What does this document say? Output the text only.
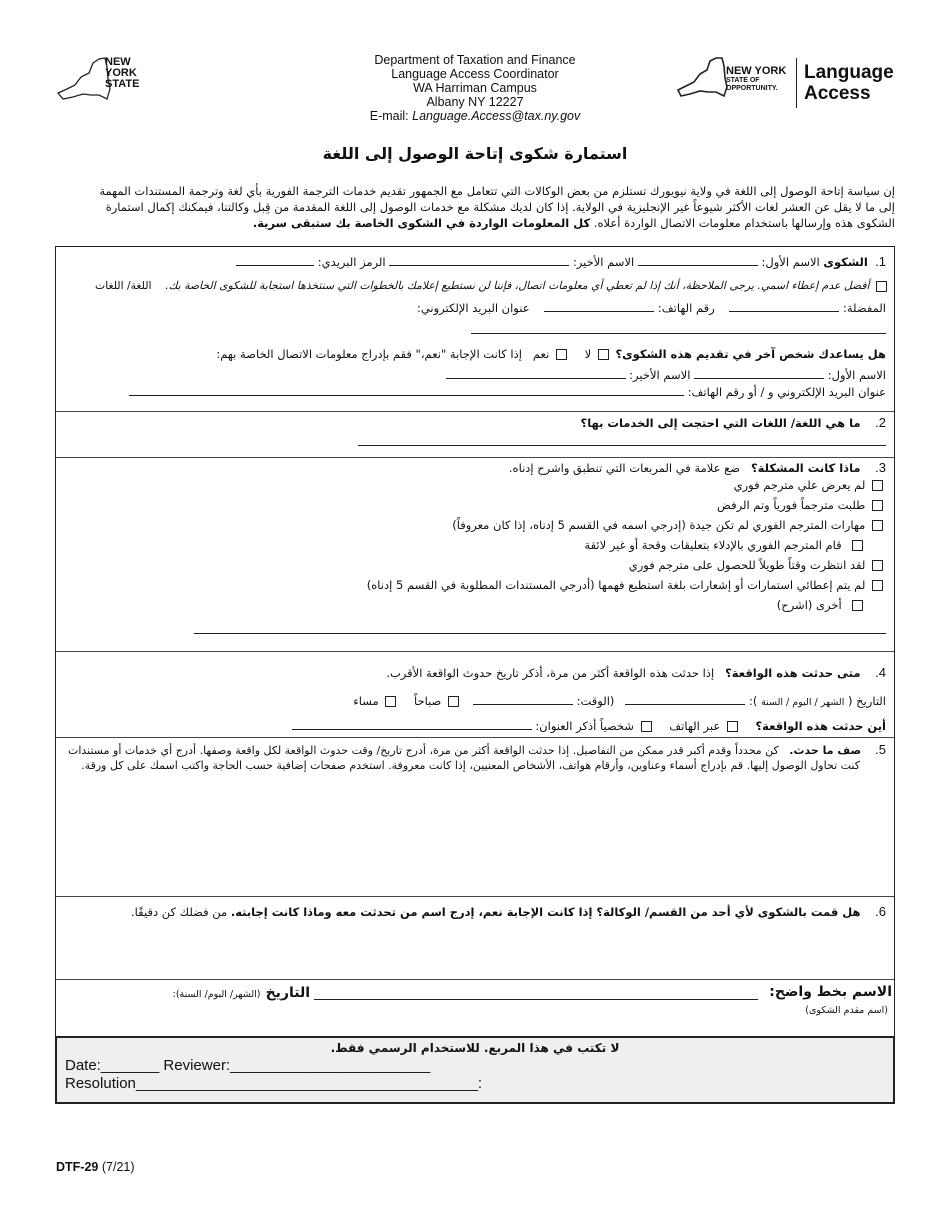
NEW
YORK
STATE
Department of Taxation and Finance
Language Access Coordinator
WA Harriman Campus
Albany NY 12227
E-mail: Language.Access@tax.ny.gov
NEW YORK
STATE OF
OPPORTUNITY.
Language
Access
استمارة شكوى إتاحة الوصول إلى اللغة
إن سياسة إتاحة الوصول إلى اللغة في ولاية نيويورك تستلزم من بعض الوكالات التي تتعامل مع الجمهور تقديم خدمات الترجمة الفورية بأي لغة وترجمة المستندات المهمة
إلى ما لا يقل عن العشر لغات الأكثر شيوعاً غير الإنجليزية في الولاية. إذا كان لديك مشكلة مع خدمات الوصول إلى اللغة المقدمة من قِبل وكالتنا، فيمكنك إكمال استمارة
الشكوى هذه وإرسالها باستخدام معلومات الاتصال الواردة أعلاه. كل المعلومات الواردة في الشكوى الخاصة بك ستبقى سرية.
1.  الشكوى الاسم الأول:  الاسم الأخير:  الرمز البريدي:
أفضل عدم إعطاء اسمي. يرجى الملاحظة، أنك إذا لم تعطي أي معلومات اتصال، فإننا لن نستطيع إعلامك بالخطوات التي سنتخذها استجابة للشكوى الخاصة بك.    اللغة/ اللغات
المفضلة:     رقم الهاتف:     عنوان البريد الإلكتروني:
هل يساعدك شخص آخر في تقديم هذه الشكوى؟  لا     نعم   إذا كانت الإجابة "نعم،" فقم بإدراج معلومات الاتصال الخاصة بهم:
الاسم الأول:  الاسم الأخير:
عنوان البريد الإلكتروني و / أو رقم الهاتف:
2.    ما هي اللغة/ اللغات التي احتجت إلى الخدمات بها؟
3.    ماذا كانت المشكلة؟   ضع علامة في المربعات التي تنطبق واشرح إدناه.
لم يعرض علي مترجم فوري
طلبت مترجماً فورياً وتم الرفض
مهارات المترجم الفوري لم تكن جيدة (إدرجي اسمه في القسم 5 إدناه، إذا كان معروفاً)
قام المترجم الفوري بالإدلاء بتعليقات وقحة أو غير لائقة
لقد انتظرت وقتاً طويلاً للحصول على مترجم فوري
لم يتم إعطائي استمارات أو إشعارات بلغة استطيع فهمها (أدرجي المستندات المطلوبة في القسم 5 إدناه)
أخرى (اشرح)
4.    متى حدثت هذه الواقعة؟   إذا حدثت هذه الواقعة أكثر من مرة، أذكر تاريخ حدوث الواقعة الأقرب.
التاريخ ( الشهر / اليوم / السنة ):    (الوقت:     صباحاً     مساء
أين حدثت هذه الواقعة؟     عبر الهاتف     شخصياً أذكر العنوان:
5.    صف ما حدث.   كن محدداً وقدم أكبر قدر ممكن من التفاصيل. إذا حدثت الواقعة أكثر من مرة، أدرج تاريخ/ وقت حدوث الواقعة لكل واقعة وصفها. أدرج أي خدمات أو مستندات
كنت تحاول الوصول إليها. قم بإدراج أسماء وعناوين، وأرقام هواتف، الأشخاص المعنيين، إذا كانت معروفة. استخدم صفحات إضافية حسب الحاجة واكتب اسمك على كل ورقة.
6.    هل قمت بالشكوى لأي أحد من القسم/ الوكالة؟ إذا كانت الإجابة نعم، إدرج اسم من تحدثت معه وماذا كانت إجابته. من فضلك كن دقيقًا.
الاسم بخط واضح:
التاريخ (الشهر/ اليوم/ السنة):
(اسم مقدم الشكوى)
لا تكتب في هذا المربع. للاستخدام الرسمي فقط.
Date:_______ Reviewer:________________________
Resolution_________________________________________:
DTF-29 (7/21)
